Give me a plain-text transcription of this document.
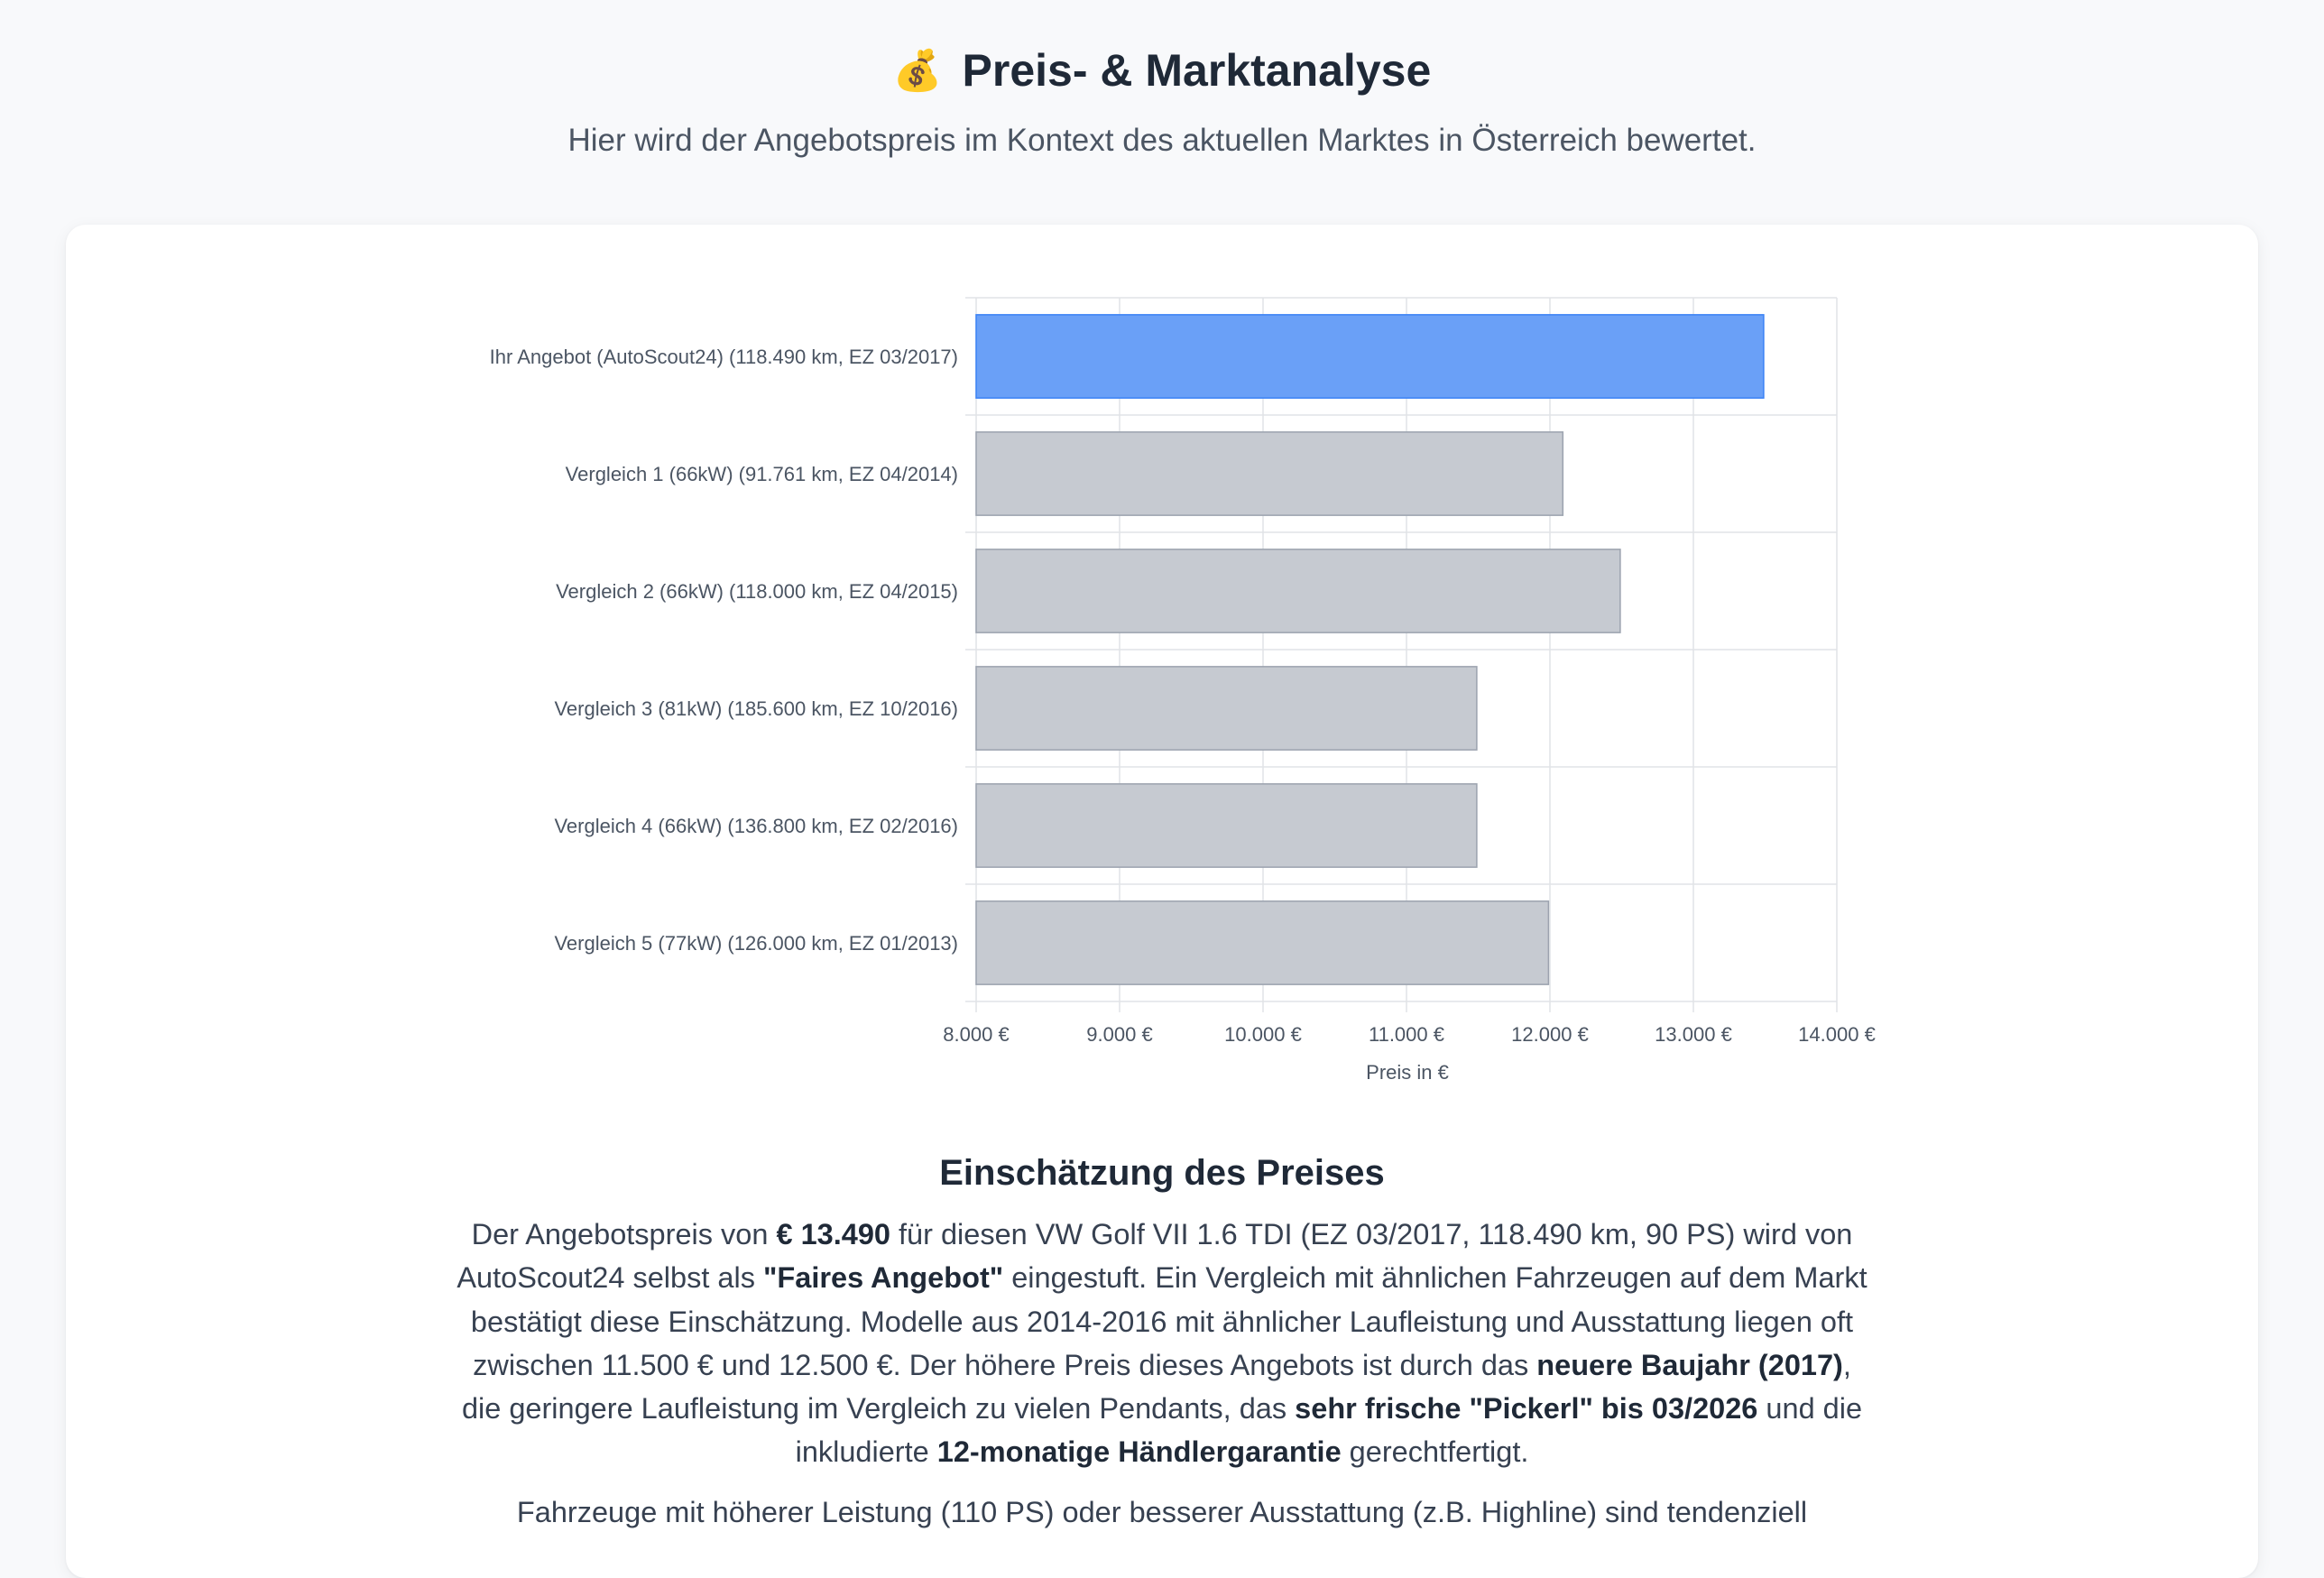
💰 Preis- & Marktanalyse
Hier wird der Angebotspreis im Kontext des aktuellen Marktes in Österreich bewertet.
Ihr Angebot (AutoScout24) (118.490 km, EZ 03/2017)
Vergleich 1 (66kW) (91.761 km, EZ 04/2014)
Vergleich 2 (66kW) (118.000 km, EZ 04/2015)
Vergleich 3 (81kW) (185.600 km, EZ 10/2016)
Vergleich 4 (66kW) (136.800 km, EZ 02/2016)
Vergleich 5 (77kW) (126.000 km, EZ 01/2013)
8.000 €	9.000 €	10.000 €	11.000 €	12.000 €	13.000 €	14.000 €
Preis in €
Einschätzung des Preises
Der Angebotspreis von € 13.490 für diesen VW Golf VII 1.6 TDI (EZ 03/2017, 118.490 km, 90 PS) wird von AutoScout24 selbst als "Faires Angebot" eingestuft. Ein Vergleich mit ähnlichen Fahrzeugen auf dem Markt bestätigt diese Einschätzung. Modelle aus 2014-2016 mit ähnlicher Laufleistung und Ausstattung liegen oft zwischen 11.500 € und 12.500 €. Der höhere Preis dieses Angebots ist durch das neuere Baujahr (2017), die geringere Laufleistung im Vergleich zu vielen Pendants, das sehr frische "Pickerl" bis 03/2026 und die inkludierte 12-monatige Händlergarantie gerechtfertigt.
Fahrzeuge mit höherer Leistung (110 PS) oder besserer Ausstattung (z.B. Highline) sind tendenziell
